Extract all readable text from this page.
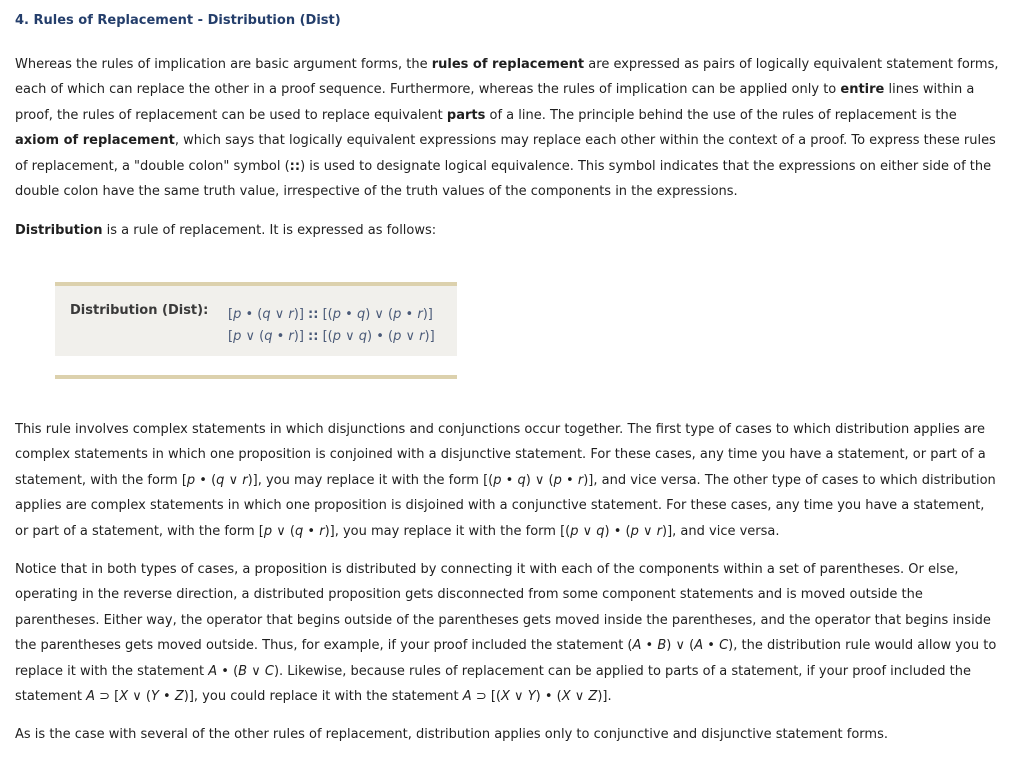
4. Rules of Replacement - Distribution (Dist)

Whereas the rules of implication are basic argument forms, the rules of replacement are expressed as pairs of logically equivalent statement forms, each of which can replace the other in a proof sequence. Furthermore, whereas the rules of implication can be applied only to entire lines within a proof, the rules of replacement can be used to replace equivalent parts of a line. The principle behind the use of the rules of replacement is the axiom of replacement, which says that logically equivalent expressions may replace each other within the context of a proof. To express these rules of replacement, a "double colon" symbol (::) is used to designate logical equivalence. This symbol indicates that the expressions on either side of the double colon have the same truth value, irrespective of the truth values of the components in the expressions.

Distribution is a rule of replacement. It is expressed as follows:

Distribution (Dist): [p • (q ∨ r)] :: [(p • q) ∨ (p • r)]
[p ∨ (q • r)] :: [(p ∨ q) • (p ∨ r)]

This rule involves complex statements in which disjunctions and conjunctions occur together. The first type of cases to which distribution applies are complex statements in which one proposition is conjoined with a disjunctive statement. For these cases, any time you have a statement, or part of a statement, with the form [p • (q ∨ r)], you may replace it with the form [(p • q) ∨ (p • r)], and vice versa. The other type of cases to which distribution applies are complex statements in which one proposition is disjoined with a conjunctive statement. For these cases, any time you have a statement, or part of a statement, with the form [p ∨ (q • r)], you may replace it with the form [(p ∨ q) • (p ∨ r)], and vice versa.

Notice that in both types of cases, a proposition is distributed by connecting it with each of the components within a set of parentheses. Or else, operating in the reverse direction, a distributed proposition gets disconnected from some component statements and is moved outside the parentheses. Either way, the operator that begins outside of the parentheses gets moved inside the parentheses, and the operator that begins inside the parentheses gets moved outside. Thus, for example, if your proof included the statement (A • B) ∨ (A • C), the distribution rule would allow you to replace it with the statement A • (B ∨ C). Likewise, because rules of replacement can be applied to parts of a statement, if your proof included the statement A ⊃ [X ∨ (Y • Z)], you could replace it with the statement A ⊃ [(X ∨ Y) • (X ∨ Z)].

As is the case with several of the other rules of replacement, distribution applies only to conjunctive and disjunctive statement forms.
